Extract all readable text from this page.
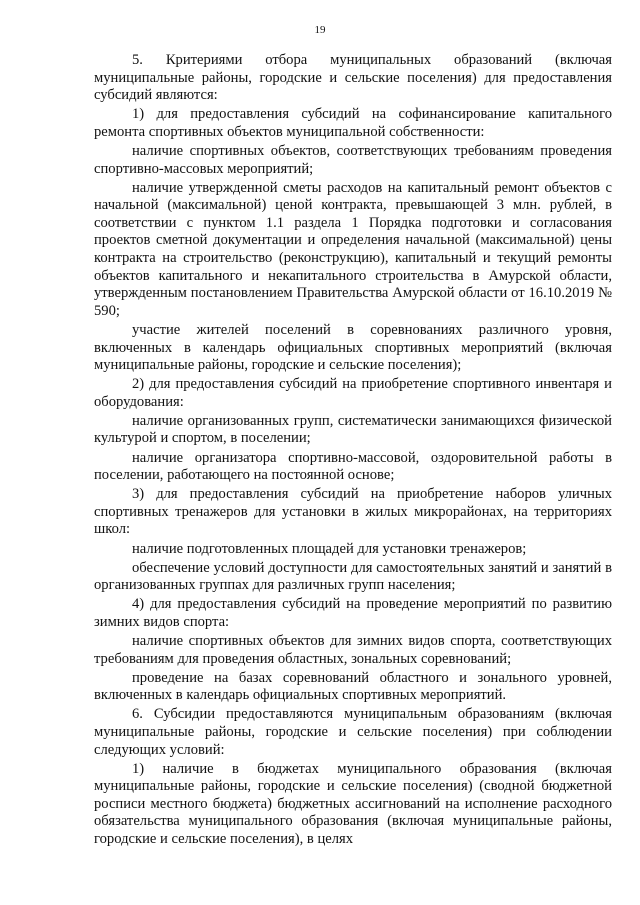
19

5. Критериями отбора муниципальных образований (включая муниципальные районы, городские и сельские поселения) для предоставления субсидий являются:

1) для предоставления субсидий на софинансирование капитального ремонта спортивных объектов муниципальной собственности:

наличие спортивных объектов, соответствующих требованиям проведения спортивно-массовых мероприятий;

наличие утвержденной сметы расходов на капитальный ремонт объектов с начальной (максимальной) ценой контракта, превышающей 3 млн. рублей, в соответствии с пунктом 1.1 раздела 1 Порядка подготовки и согласования проектов сметной документации и определения начальной (максимальной) цены контракта на строительство (реконструкцию), капитальный и текущий ремонты объектов капитального и некапитального строительства в Амурской области, утвержденным постановлением Правительства Амурской области от 16.10.2019 № 590;

участие жителей поселений в соревнованиях различного уровня, включенных в календарь официальных спортивных мероприятий (включая муниципальные районы, городские и сельские поселения);

2) для предоставления субсидий на приобретение спортивного инвентаря и оборудования:

наличие организованных групп, систематически занимающихся физической культурой и спортом, в поселении;

наличие организатора спортивно-массовой, оздоровительной работы в поселении, работающего на постоянной основе;

3) для предоставления субсидий на приобретение наборов уличных спортивных тренажеров для установки в жилых микрорайонах, на территориях школ:

наличие подготовленных площадей для установки тренажеров;

обеспечение условий доступности для самостоятельных занятий и занятий в организованных группах для различных групп населения;

4) для предоставления субсидий на проведение мероприятий по развитию зимних видов спорта:

наличие спортивных объектов для зимних видов спорта, соответствующих требованиям для проведения областных, зональных соревнований;

проведение на базах соревнований областного и зонального уровней, включенных в календарь официальных спортивных мероприятий.

6. Субсидии предоставляются муниципальным образованиям (включая муниципальные районы, городские и сельские поселения) при соблюдении следующих условий:

1) наличие в бюджетах муниципального образования (включая муниципальные районы, городские и сельские поселения) (сводной бюджетной росписи местного бюджета) бюджетных ассигнований на исполнение расходного обязательства муниципального образования (включая муниципальные районы, городские и сельские поселения), в целях
